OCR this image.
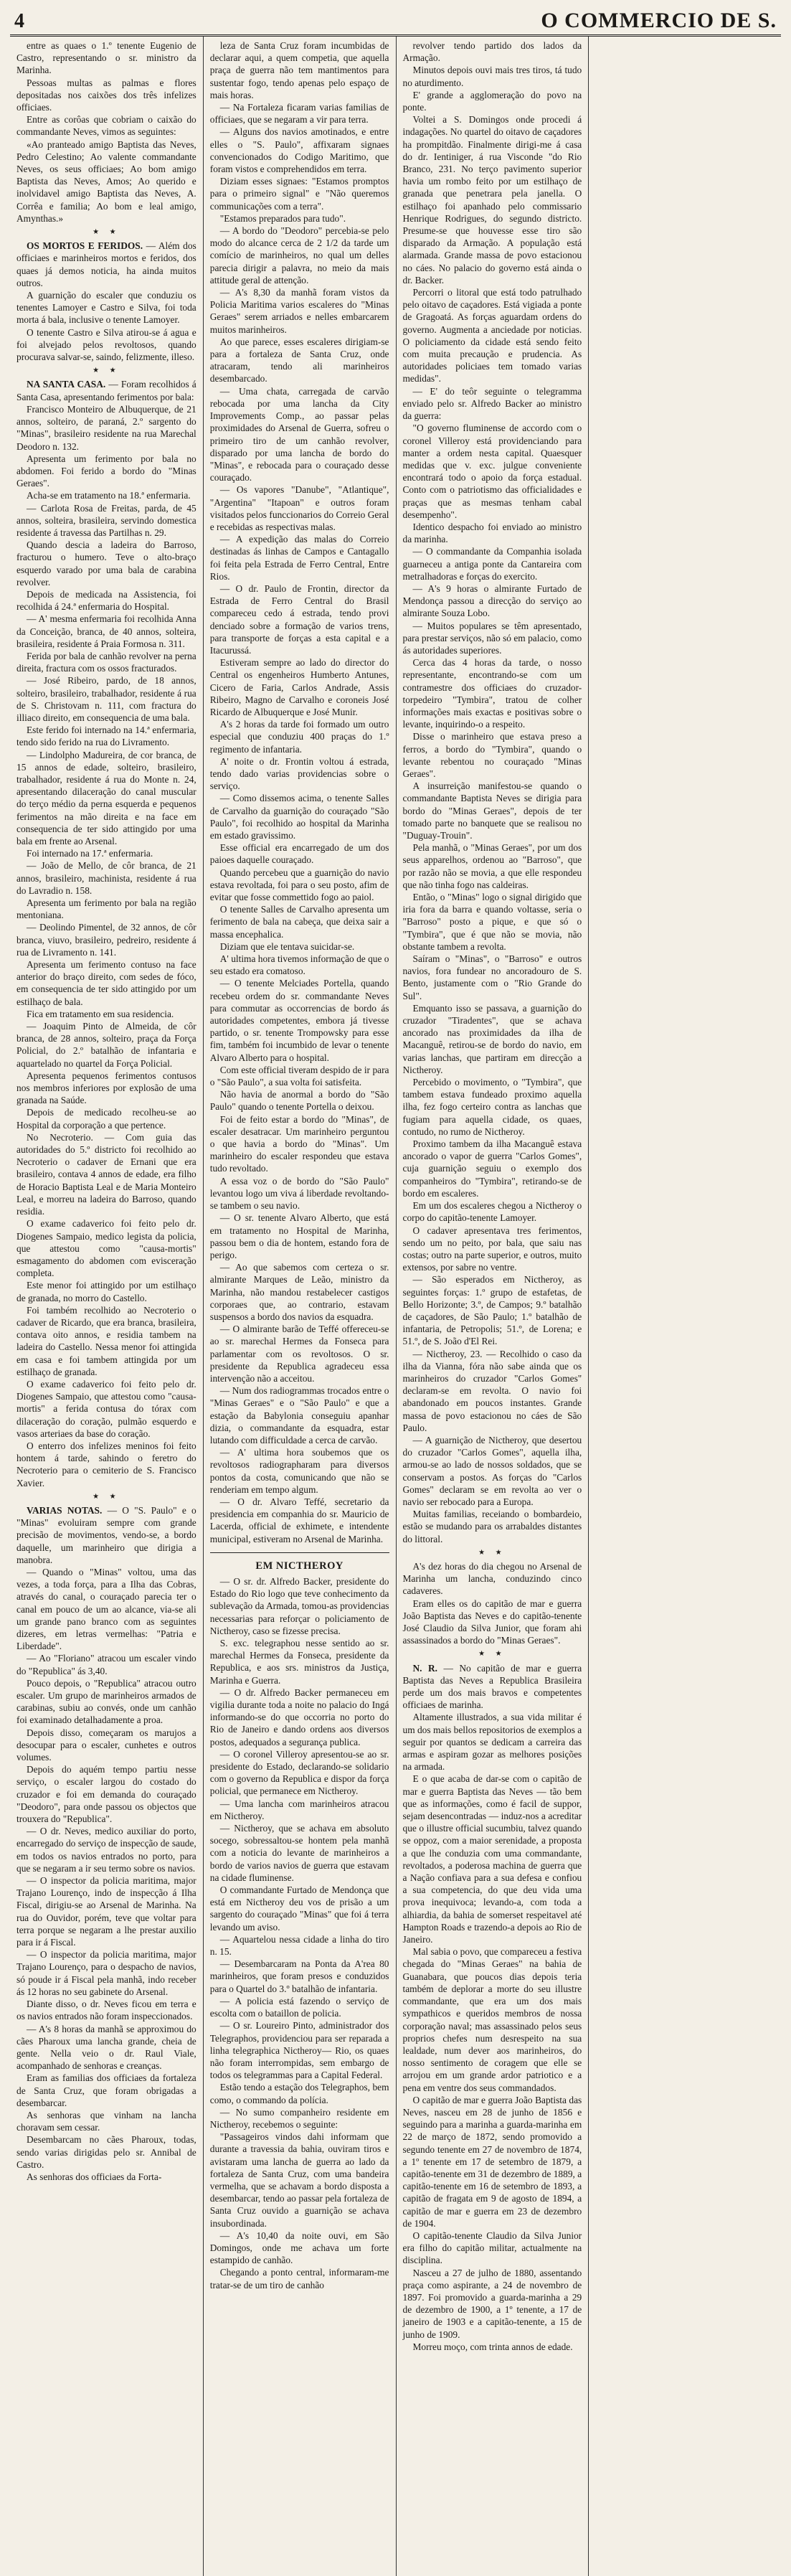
4	O COMMERCIO DE S.

entre as quaes o 1.º tenente Eugenio de Castro, representando o sr. ministro da Marinha.

Pessoas multas as palmas e flores depositadas nos caixões dos três infelizes officiaes.

Entre as corôas que cobriam o caixão do commandante Neves, vimos as seguintes:

«Ao pranteado amigo Baptista das Neves, Pedro Celestino; Ao valente commandante Neves, os seus officiaes; Ao bom amigo Baptista das Neves, Amos; Ao querido e inolvidavel amigo Baptista das Neves, A. Corrêa e familia; Ao bom e leal amigo, Amynthas.»

★ ★

OS MORTOS E FERIDOS. — Além dos officiaes e marinheiros mortos e feridos, dos quaes já demos noticia, ha ainda muitos outros.

A guarnição do escaler que conduziu os tenentes Lamoyer e Castro e Silva, foi toda morta á bala, inclusive o tenente Lamoyer.

O tenente Castro e Silva atirou-se á agua e foi alvejado pelos revoltosos, quando procurava salvar-se, saindo, felizmente, illeso.

★ ★

NA SANTA CASA. — Foram recolhidos á Santa Casa, apresentando ferimentos por bala:

Francisco Monteiro de Albuquerque, de 21 annos, solteiro, de paraná, 2.º sargento do "Minas", brasileiro residente na rua Marechal Deodoro n. 132.

Apresenta um ferimento por bala no abdomen. Foi ferido a bordo do "Minas Geraes".

Acha-se em tratamento na 18.ª enfermaria.

— Carlota Rosa de Freitas, parda, de 45 annos, solteira, brasileira, servindo domestica residente á travessa das Partilhas n. 29.

Quando descia a ladeira do Barroso, fracturou o humero. Teve o alto-braço esquerdo varado por uma bala de carabina revolver.

Depois de medicada na Assistencia, foi recolhida á 24.ª enfermaria do Hospital.

— A' mesma enfermaria foi recolhida Anna da Conceição, branca, de 40 annos, solteira, brasileira, residente á Praia Formosa n. 311.

Ferida por bala de canhão revolver na perna direita, fractura com os ossos fracturados.

— José Ribeiro, pardo, de 18 annos, solteiro, brasileiro, trabalhador, residente á rua de S. Christovam n. 111, com fractura do illiaco direito, em consequencia de uma bala.

Este ferido foi internado na 14.ª enfermaria, tendo sido ferido na rua do Livramento.

— Lindolpho Madureira, de cor branca, de 15 annos de edade, solteiro, brasileiro, trabalhador, residente á rua do Monte n. 24, apresentando dilaceração do canal muscular do terço médio da perna esquerda e pequenos ferimentos na mão direita e na face em consequencia de ter sido attingido por uma bala em frente ao Arsenal.

Foi internado na 17.ª enfermaria.

— João de Mello, de côr branca, de 21 annos, brasileiro, machinista, residente á rua do Lavradio n. 158.

Apresenta um ferimento por bala na região mentoniana.

— Deolindo Pimentel, de 32 annos, de côr branca, viuvo, brasileiro, pedreiro, residente á rua de Livramento n. 141.

Apresenta um ferimento contuso na face anterior do braço direito, com sedes de fóco, em consequencia de ter sido attingido por um estilhaço de bala.

Fica em tratamento em sua residencia.

— Joaquim Pinto de Almeida, de côr branca, de 28 annos, solteiro, praça da Força Policial, do 2.º batalhão de infantaria e aquartelado no quartel da Força Policial.

Apresenta pequenos ferimentos contusos nos membros inferiores por explosão de uma granada na Saúde.

Depois de medicado recolheu-se ao Hospital da corporação a que pertence.

No Necroterio. — Com guia das autoridades do 5.º districto foi recolhido ao Necroterio o cadaver de Ernani que era brasileiro, contava 4 annos de edade, era filho de Horacio Baptista Leal e de Maria Monteiro Leal, e morreu na ladeira do Barroso, quando residia.

O exame cadaverico foi feito pelo dr. Diogenes Sampaio, medico legista da policia, que attestou como "causa-mortis" esmagamento do abdomen com evisceração completa.

Este menor foi attingido por um estilhaço de granada, no morro do Castello.

Foi também recolhido ao Necroterio o cadaver de Ricardo, que era branca, brasileira, contava oito annos, e residia tambem na ladeira do Castello. Nessa menor foi attingida em casa e foi tambem attingida por um estilhaço de granada.

O exame cadaverico foi feito pelo dr. Diogenes Sampaio, que attestou como "causa-mortis" a ferida contusa do tórax com dilaceração do coração, pulmão esquerdo e vasos arteriaes da base do coração.

O enterro dos infelizes meninos foi feito hontem á tarde, sahindo o feretro do Necroterio para o cemiterio de S. Francisco Xavier.

★ ★

VARIAS NOTAS. — O "S. Paulo" e o "Minas" evoluiram sempre com grande precisão de movimentos, vendo-se, a bordo daquelle, um marinheiro que dirigia a manobra.

— Quando o "Minas" voltou, uma das vezes, a toda força, para a Ilha das Cobras, através do canal, o couraçado parecia ter o canal em pouco de um ao alcance, via-se ali um grande pano branco com as seguintes dizeres, em letras vermelhas: "Patria e Liberdade".

— Ao "Floriano" atracou um escaler vindo do "Republica" ás 3,40.

Pouco depois, o "Republica" atracou outro escaler. Um grupo de marinheiros armados de carabinas, subiu ao convés, onde um canhão foi examinado detalhadamente a proa.

Depois disso, começaram os marujos a desocupar para o escaler, cunhetes e outros volumes.

Depois do aquém tempo partiu nesse serviço, o escaler largou do costado do cruzador e foi em demanda do couraçado "Deodoro", para onde passou os objectos que trouxera do "Republica".

— O dr. Neves, medico auxiliar do porto, encarregado do serviço de inspecção de saude, em todos os navios entrados no porto, para que se negaram a ir seu termo sobre os navios.

— O inspector da policia maritima, major Trajano Lourenço, indo de inspecção á Ilha Fiscal, dirigiu-se ao Arsenal de Marinha. Na rua do Ouvidor, porém, teve que voltar para terra porque se negaram a lhe prestar auxilio para ir á Fiscal.

— O inspector da policia maritima, major Trajano Lourenço, para o despacho de navios, só poude ir á Fiscal pela manhã, indo receber ás 12 horas no seu gabinete do Arsenal.

Diante disso, o dr. Neves ficou em terra e os navios entrados não foram inspeccionados.

— A's 8 horas da manhã se approximou do cães Pharoux uma lancha grande, cheia de gente. Nella veio o dr. Raul Viale, acompanhado de senhoras e creanças.

Eram as familias dos officiaes da fortaleza de Santa Cruz, que foram obrigadas a desembarcar.

As senhoras que vinham na lancha choravam sem cessar.

Desembarcam no cães Pharoux, todas, sendo varias dirigidas pelo sr. Annibal de Castro.

As senhoras dos officiaes da Forta-

leza de Santa Cruz foram incumbidas de declarar aqui, a quem competia, que aquella praça de guerra não tem mantimentos para sustentar fogo, tendo apenas pelo espaço de mais horas.

— Na Fortaleza ficaram varias familias de officiaes, que se negaram a vir para terra.

— Alguns dos navios amotinados, e entre elles o "S. Paulo", affixaram signaes convencionados do Codigo Maritimo, que foram vistos e comprehendidos em terra.

Diziam esses signaes: "Estamos promptos para o primeiro signal" e "Não queremos communicações com a terra".

"Estamos preparados para tudo".

— A bordo do "Deodoro" percebia-se pelo modo do alcance cerca de 2 1/2 da tarde um comício de marinheiros, no qual um delles parecia dirigir a palavra, no meio da mais attitude geral de attenção.

— A's 8,30 da manhã foram vistos da Policia Maritima varios escaleres do "Minas Geraes" serem arriados e nelles embarcarem muitos marinheiros.

Ao que parece, esses escaleres dirigiam-se para a fortaleza de Santa Cruz, onde atracaram, tendo ali marinheiros desembarcado.

— Uma chata, carregada de carvão rebocada por uma lancha da City Improvements Comp., ao passar pelas proximidades do Arsenal de Guerra, sofreu o primeiro tiro de um canhão revolver, disparado por uma lancha de bordo do "Minas", e rebocada para o couraçado desse couraçado.

— Os vapores "Danube", "Atlantique", "Argentina" "Itapoan" e outros foram visitados pelos funccionarios do Correio Geral e recebidas as respectivas malas.

— A expedição das malas do Correio destinadas ás linhas de Campos e Cantagallo foi feita pela Estrada de Ferro Central, Entre Rios.

— O dr. Paulo de Frontin, director da Estrada de Ferro Central do Brasil compareceu cedo á estrada, tendo provi denciado sobre a formação de varios trens, para transporte de forças a esta capital e a Itacurussá.

Estiveram sempre ao lado do director do Central os engenheiros Humberto Antunes, Cicero de Faria, Carlos Andrade, Assis Ribeiro, Magno de Carvalho e coroneis José Ricardo de Albuquerque e José Munir.

A's 2 horas da tarde foi formado um outro especial que conduziu 400 praças do 1.º regimento de infantaria.

A' noite o dr. Frontin voltou á estrada, tendo dado varias providencias sobre o serviço.

— Como dissemos acima, o tenente Salles de Carvalho da guarnição do couraçado "São Paulo", foi recolhido ao hospital da Marinha em estado gravissimo.

Esse official era encarregado de um dos paioes daquelle couraçado.

Quando percebeu que a guarnição do navio estava revoltada, foi para o seu posto, afim de evitar que fosse commettido fogo ao paiol.

O tenente Salles de Carvalho apresenta um ferimento de bala na cabeça, que deixa sair a massa encephalica.

Diziam que ele tentava suicidar-se.

A' ultima hora tivemos informação de que o seu estado era comatoso.

— O tenente Melciades Portella, quando recebeu ordem do sr. commandante Neves para commutar as occorrencias de bordo ás autoridades competentes, embora já tivesse partido, o sr. tenente Trompowsky para esse fim, também foi incumbido de levar o tenente Alvaro Alberto para o hospital.

Com este official tiveram despido de ir para o "São Paulo", a sua volta foi satisfeita.

Não havia de anormal a bordo do "São Paulo" quando o tenente Portella o deixou.

Foi de feito estar a bordo do "Minas", de escaler desatracar. Um marinheiro perguntou o que havia a bordo do "Minas". Um marinheiro do escaler respondeu que estava tudo revoltado.

A essa voz o de bordo do "São Paulo" levantou logo um viva á liberdade revoltando-se tambem o seu navio.

— O sr. tenente Alvaro Alberto, que está em tratamento no Hospital de Marinha, passou bem o dia de hontem, estando fora de perigo.

— Ao que sabemos com certeza o sr. almirante Marques de Leão, ministro da Marinha, não mandou restabelecer castigos corporaes que, ao contrario, estavam suspensos a bordo dos navios da esquadra.

— O almirante barão de Teffé offereceu-se ao sr. marechal Hermes da Fonseca para parlamentar com os revoltosos. O sr. presidente da Republica agradeceu essa intervenção não a acceitou.

— Num dos radiogrammas trocados entre o "Minas Geraes" e o "São Paulo" e que a estação da Babylonia conseguiu apanhar dizia, o commandante da esquadra, estar lutando com difficuldade a cerca de carvão.

— A' ultima hora soubemos que os revoltosos radiographaram para diversos pontos da costa, comunicando que não se renderiam em tempo algum.

— O dr. Alvaro Teffé, secretario da presidencia em companhia do sr. Mauricio de Lacerda, official de exhimete, e intendente municipal, estiveram no Arsenal de Marinha.

EM NICTHEROY

— O sr. dr. Alfredo Backer, presidente do Estado do Rio logo que teve conhecimento da sublevação da Armada, tomou-as providencias necessarias para reforçar o policiamento de Nictheroy, caso se fizesse precisa.

S. exc. telegraphou nesse sentido ao sr. marechal Hermes da Fonseca, presidente da Republica, e aos srs. ministros da Justiça, Marinha e Guerra.

— O dr. Alfredo Backer permaneceu em vigilia durante toda a noite no palacio do Ingá informando-se do que occorria no porto do Rio de Janeiro e dando ordens aos diversos postos, adequados a segurança publica.

— O coronel Villeroy apresentou-se ao sr. presidente do Estado, declarando-se solidario com o governo da Republica e dispor da força policial, que permanece em Nictheroy.

— Uma lancha com marinheiros atracou em Nictheroy.

— Nictheroy, que se achava em absoluto socego, sobressaltou-se hontem pela manhã com a noticia do levante de marinheiros a bordo de varios navios de guerra que estavam na cidade fluminense.

O commandante Furtado de Mendonça que está em Nictheroy deu vos de prisão a um sargento do couraçado "Minas" que foi á terra levando um aviso.

— Aquartelou nessa cidade a linha do tiro n. 15.

— Desembarcaram na Ponta da A'rea 80 marinheiros, que foram presos e conduzidos para o Quartel do 3.º batalhão de infantaria.

— A policia está fazendo o serviço de escolta com o bataillon de policia.

— O sr. Loureiro Pinto, administrador dos Telegraphos, providenciou para ser reparada a linha telegraphica Nictheroy— Rio, os quaes não foram interrompidas, sem embargo de todos os telegrammas para a Capital Federal.

Estão tendo a estação dos Telegraphos, bem como, o commando da polícia.

— No sumo companheiro residente em Nictheroy, recebemos o seguinte:

"Passageiros vindos dahi informam que durante a travessia da bahia, ouviram tiros e avistaram uma lancha de guerra ao lado da fortaleza de Santa Cruz, com uma bandeira vermelha, que se achavam a bordo disposta a desembarcar, tendo ao passar pela fortaleza de Santa Cruz ouvido a guarnição se achava insubordinada.

— A's 10,40 da noite ouvi, em São Domingos, onde me achava um forte estampido de canhão.

Chegando a ponto central, informaram-me tratar-se de um tiro de canhão

revolver tendo partido dos lados da Armação.

Minutos depois ouvi mais tres tiros, tá tudo no aturdimento.

E' grande a agglomeração do povo na ponte.

Voltei a S. Domingos onde procedi á indagações. No quartel do oitavo de caçadores ha prompitdão. Finalmente dirigi-me á casa do dr. Ientiniger, á rua Visconde "do Rio Branco, 231. No terço pavimento superior havia um rombo feito por um estilhaço de granada que penetrara pela janella. O estilhaço foi apanhado pelo commissario Henrique Rodrigues, do segundo districto. Presume-se que houvesse esse tiro são disparado da Armação. A população está alarmada. Grande massa de povo estacionou no cáes. No palacio do governo está ainda o dr. Backer.

Percorri o litoral que está todo patrulhado pelo oitavo de caçadores. Está vigiada a ponte de Gragoatá. As forças aguardam ordens do governo. Augmenta a anciedade por noticias. O policiamento da cidade está sendo feito com muita precaução e prudencia. As autoridades policiaes tem tomado varias medidas".

— E' do teôr seguinte o telegramma enviado pelo sr. Alfredo Backer ao ministro da guerra:

"O governo fluminense de accordo com o coronel Villeroy está providenciando para manter a ordem nesta capital. Quaesquer medidas que v. exc. julgue conveniente encontrará todo o apoio da força estadual. Conto com o patriotismo das officialidades e praças que as mesmas tenham cabal desempenho".

Identico despacho foi enviado ao ministro da marinha.

— O commandante da Companhia isolada guarneceu a antiga ponte da Cantareira com metralhadoras e forças do exercito.

— A's 9 horas o almirante Furtado de Mendonça passou a direcção do serviço ao almirante Souza Lobo.

— Muitos populares se têm apresentado, para prestar serviços, não só em palacio, como ás autoridades superiores.

Cerca das 4 horas da tarde, o nosso representante, encontrando-se com um contramestre dos officiaes do cruzador-torpedeiro "Tymbira", tratou de colher informações mais exactas e positivas sobre o levante, inquirindo-o a respeito.

Disse o marinheiro que estava preso a ferros, a bordo do "Tymbira", quando o levante rebentou no couraçado "Minas Geraes".

A insurreição manifestou-se quando o commandante Baptista Neves se dirigia para bordo do "Minas Geraes", depois de ter tomado parte no banquete que se realisou no "Duguay-Trouin".

Pela manhã, o "Minas Geraes", por um dos seus apparelhos, ordenou ao "Barroso", que por razão não se movia, a que elle respondeu que não tinha fogo nas caldeiras.

Então, o "Minas" logo o signal dirigido que iria fora da barra e quando voltasse, seria o "Barroso" posto a pique, e que só o "Tymbira", que é que não se movia, não obstante tambem a revolta.

Saíram o "Minas", o "Barroso" e outros navios, fora fundear no ancoradouro de S. Bento, justamente com o "Rio Grande do Sul".

Emquanto isso se passava, a guarnição do cruzador "Tiradentes", que se achava ancorado nas proximidades da ilha de Macanguê, retirou-se de bordo do navio, em varias lanchas, que partiram em direcção a Nictheroy.

Percebido o movimento, o "Tymbira", que tambem estava fundeado proximo aquella ilha, fez fogo certeiro contra as lanchas que fugiam para aquella cidade, os quaes, contudo, no rumo de Nictheroy.

Proximo tambem da ilha Macanguê estava ancorado o vapor de guerra "Carlos Gomes", cuja guarnição seguiu o exemplo dos companheiros do "Tymbira", retirando-se de bordo em escaleres.

Em um dos escaleres chegou a Nictheroy o corpo do capitão-tenente Lamoyer.

O cadaver apresentava tres ferimentos, sendo um no peito, por bala, que saiu nas costas; outro na parte superior, e outros, muito extensos, por sabre no ventre.

— São esperados em Nictheroy, as seguintes forças: 1.º grupo de estafetas, de Bello Horizonte; 3.º, de Campos; 9.º batalhão de caçadores, de São Paulo; 1.º batalhão de infantaria, de Petropolis; 51.º, de Lorena; e 51.º, de S. João d'El Rei.

— Nictheroy, 23. — Recolhido o caso da ilha da Vianna, fóra não sabe ainda que os marinheiros do cruzador "Carlos Gomes" declaram-se em revolta. O navio foi abandonado em poucos instantes. Grande massa de povo estacionou no cáes de São Paulo.

— A guarnição de Nictheroy, que desertou do cruzador "Carlos Gomes", aquella ilha, armou-se ao lado de nossos soldados, que se conservam a postos. As forças do "Carlos Gomes" declaram se em revolta ao ver o navio ser rebocado para a Europa.

Muitas familias, receiando o bombardeio, estão se mudando para os arrabaldes distantes do littoral.

★ ★

A's dez horas do dia chegou no Arsenal de Marinha um lancha, conduzindo cinco cadaveres.

Eram elles os do capitão de mar e guerra João Baptista das Neves e do capitão-tenente José Claudio da Silva Junior, que foram ahi assassinados a bordo do "Minas Geraes".

★ ★

N. R. — No capitão de mar e guerra Baptista das Neves a Republica Brasileira perde um dos mais bravos e competentes officiaes de marinha.

Altamente illustrados, a sua vida militar é um dos mais bellos repositorios de exemplos a seguir por quantos se dedicam a carreira das armas e aspiram gozar as melhores posições na armada.

E o que acaba de dar-se com o capitão de mar e guerra Baptista das Neves — tão bem que as informações, como é facil de suppor, sejam desencontradas — induz-nos a acreditar que o illustre official sucumbiu, talvez quando se oppoz, com a maior serenidade, a proposta a que lhe conduzia com uma commandante, revoltados, a poderosa machina de guerra que a Nação confiava para a sua defesa e confiou a sua competencia, do que deu vida uma prova inequivoca; levando-a, com toda a alhiardia, da bahia de somerset respeitavel até Hampton Roads e trazendo-a depois ao Rio de Janeiro.

Mal sabia o povo, que compareceu a festiva chegada do "Minas Geraes" na bahia de Guanabara, que poucos dias depois teria também de deplorar a morte do seu illustre commandante, que era um dos mais sympathicos e queridos membros de nossa corporação naval; mas assassinado pelos seus proprios chefes num desrespeito na sua lealdade, num dever aos marinheiros, do nosso sentimento de coragem que elle se arrojou em um grande ardor patriotico e a pena em ventre dos seus commandados.

O capitão de mar e guerra João Baptista das Neves, nasceu em 28 de junho de 1856 e seguindo para a marinha a guarda-marinha em 22 de março de 1872, sendo promovido a segundo tenente em 27 de novembro de 1874, a 1º tenente em 17 de setembro de 1879, a capitão-tenente em 31 de dezembro de 1889, a capitão-tenente em 16 de setembro de 1893, a capitão de fragata em 9 de agosto de 1894, a capitão de mar e guerra em 23 de dezembro de 1904.

O capitão-tenente Claudio da Silva Junior era filho do capitão militar, actualmente na disciplina.

Nasceu a 27 de julho de 1880, assentando praça como aspirante, a 24 de novembro de 1897. Foi promovido a guarda-marinha a 29 de dezembro de 1900, a 1º tenente, a 17 de janeiro de 1903 e a capitão-tenente, a 15 de junho de 1909.

Morreu moço, com trinta annos de edade.
